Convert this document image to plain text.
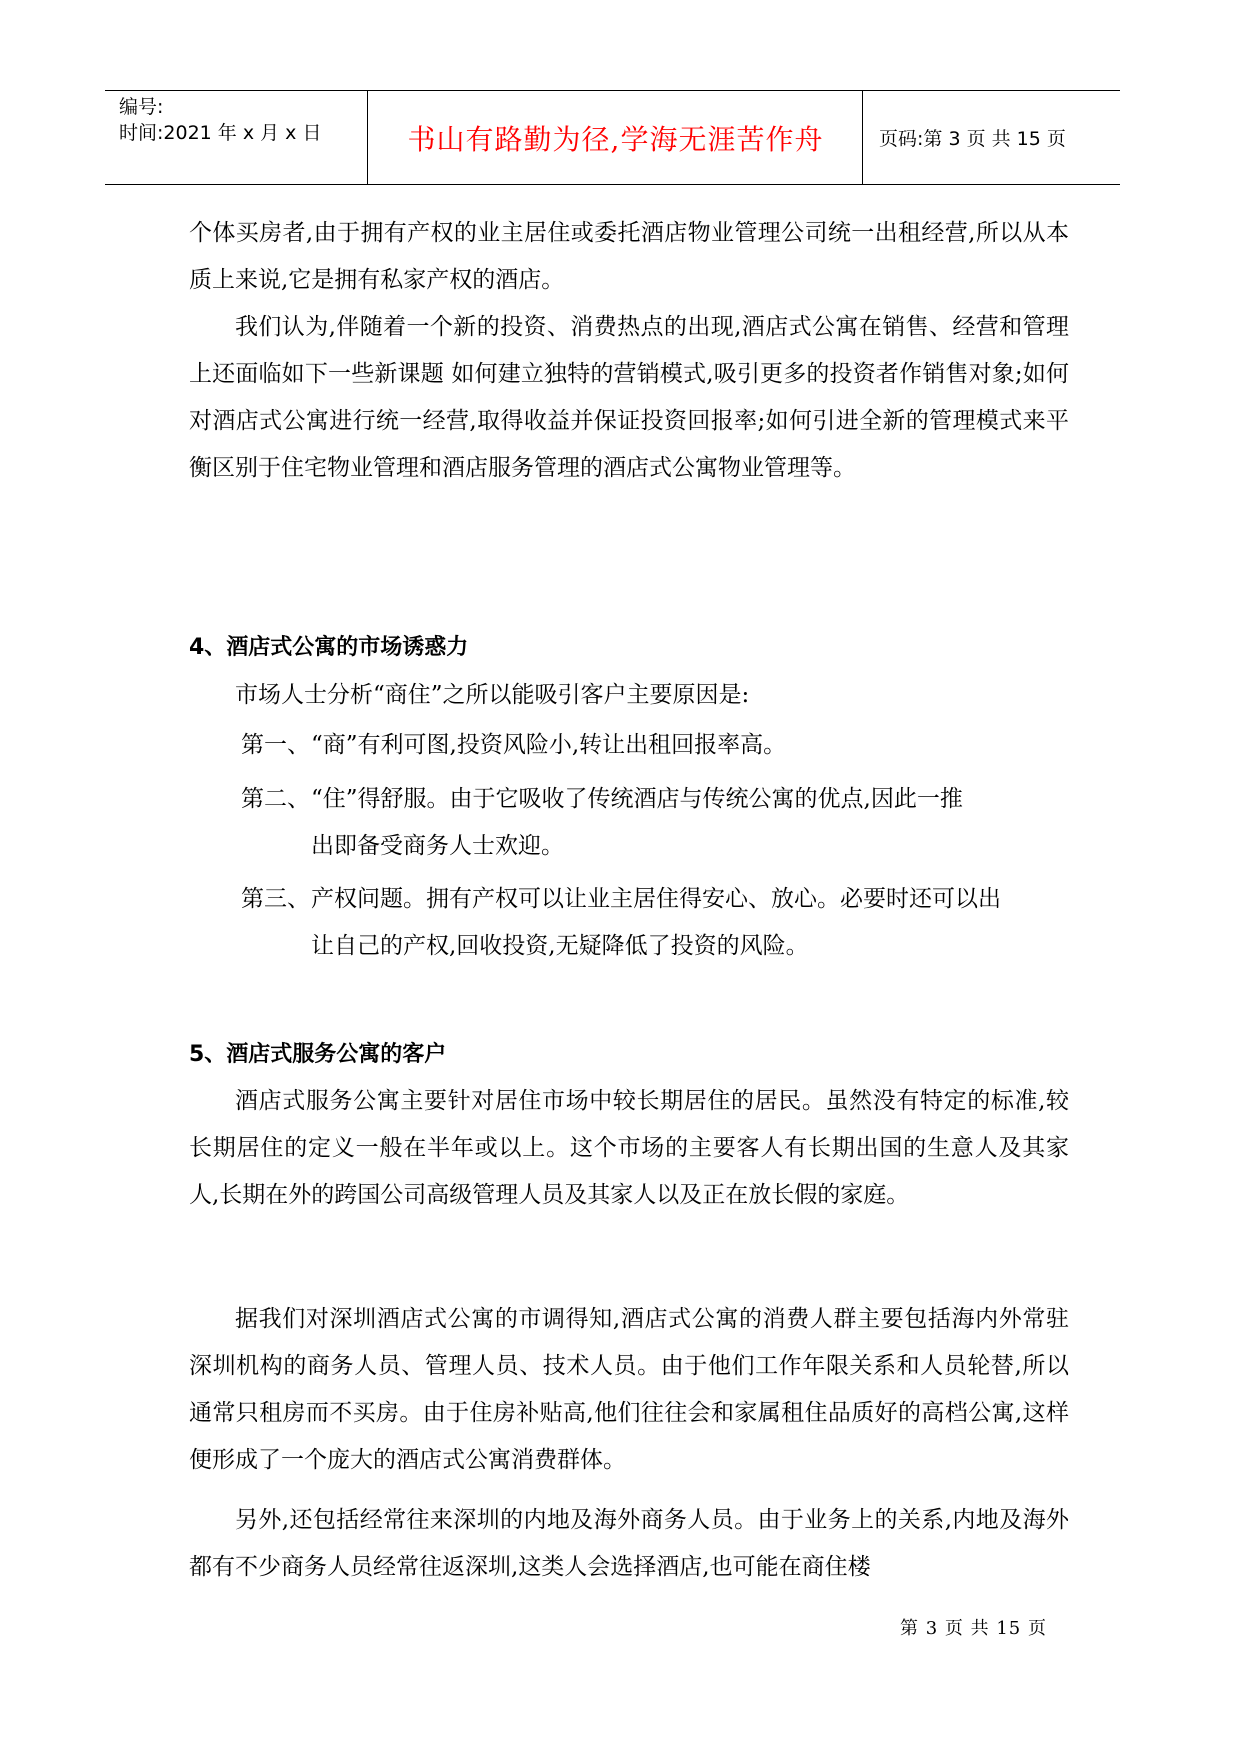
编号:
时间:2021 年 x 月 x 日	书山有路勤为径,学海无涯苦作舟	页码:第 3 页 共 15 页
个体买房者,由于拥有产权的业主居住或委托酒店物业管理公司统一出租经营,所以从本质上来说,它是拥有私家产权的酒店。
我们认为,伴随着一个新的投资、消费热点的出现,酒店式公寓在销售、经营和管理上还面临如下一些新课题 如何建立独特的营销模式,吸引更多的投资者作销售对象;如何对酒店式公寓进行统一经营,取得收益并保证投资回报率;如何引进全新的管理模式来平衡区别于住宅物业管理和酒店服务管理的酒店式公寓物业管理等。
4、酒店式公寓的市场诱惑力
市场人士分析“商住”之所以能吸引客户主要原因是:
第一、“商”有利可图,投资风险小,转让出租回报率高。
第二、“住”得舒服。由于它吸收了传统酒店与传统公寓的优点,因此一推
出即备受商务人士欢迎。
第三、产权问题。拥有产权可以让业主居住得安心、放心。必要时还可以出
让自己的产权,回收投资,无疑降低了投资的风险。
5、酒店式服务公寓的客户
酒店式服务公寓主要针对居住市场中较长期居住的居民。虽然没有特定的标准,较长期居住的定义一般在半年或以上。这个市场的主要客人有长期出国的生意人及其家人,长期在外的跨国公司高级管理人员及其家人以及正在放长假的家庭。
据我们对深圳酒店式公寓的市调得知,酒店式公寓的消费人群主要包括海内外常驻深圳机构的商务人员、管理人员、技术人员。由于他们工作年限关系和人员轮替,所以通常只租房而不买房。由于住房补贴高,他们往往会和家属租住品质好的高档公寓,这样便形成了一个庞大的酒店式公寓消费群体。
另外,还包括经常往来深圳的内地及海外商务人员。由于业务上的关系,内地及海外都有不少商务人员经常往返深圳,这类人会选择酒店,也可能在商住楼
第 3 页 共 15 页
